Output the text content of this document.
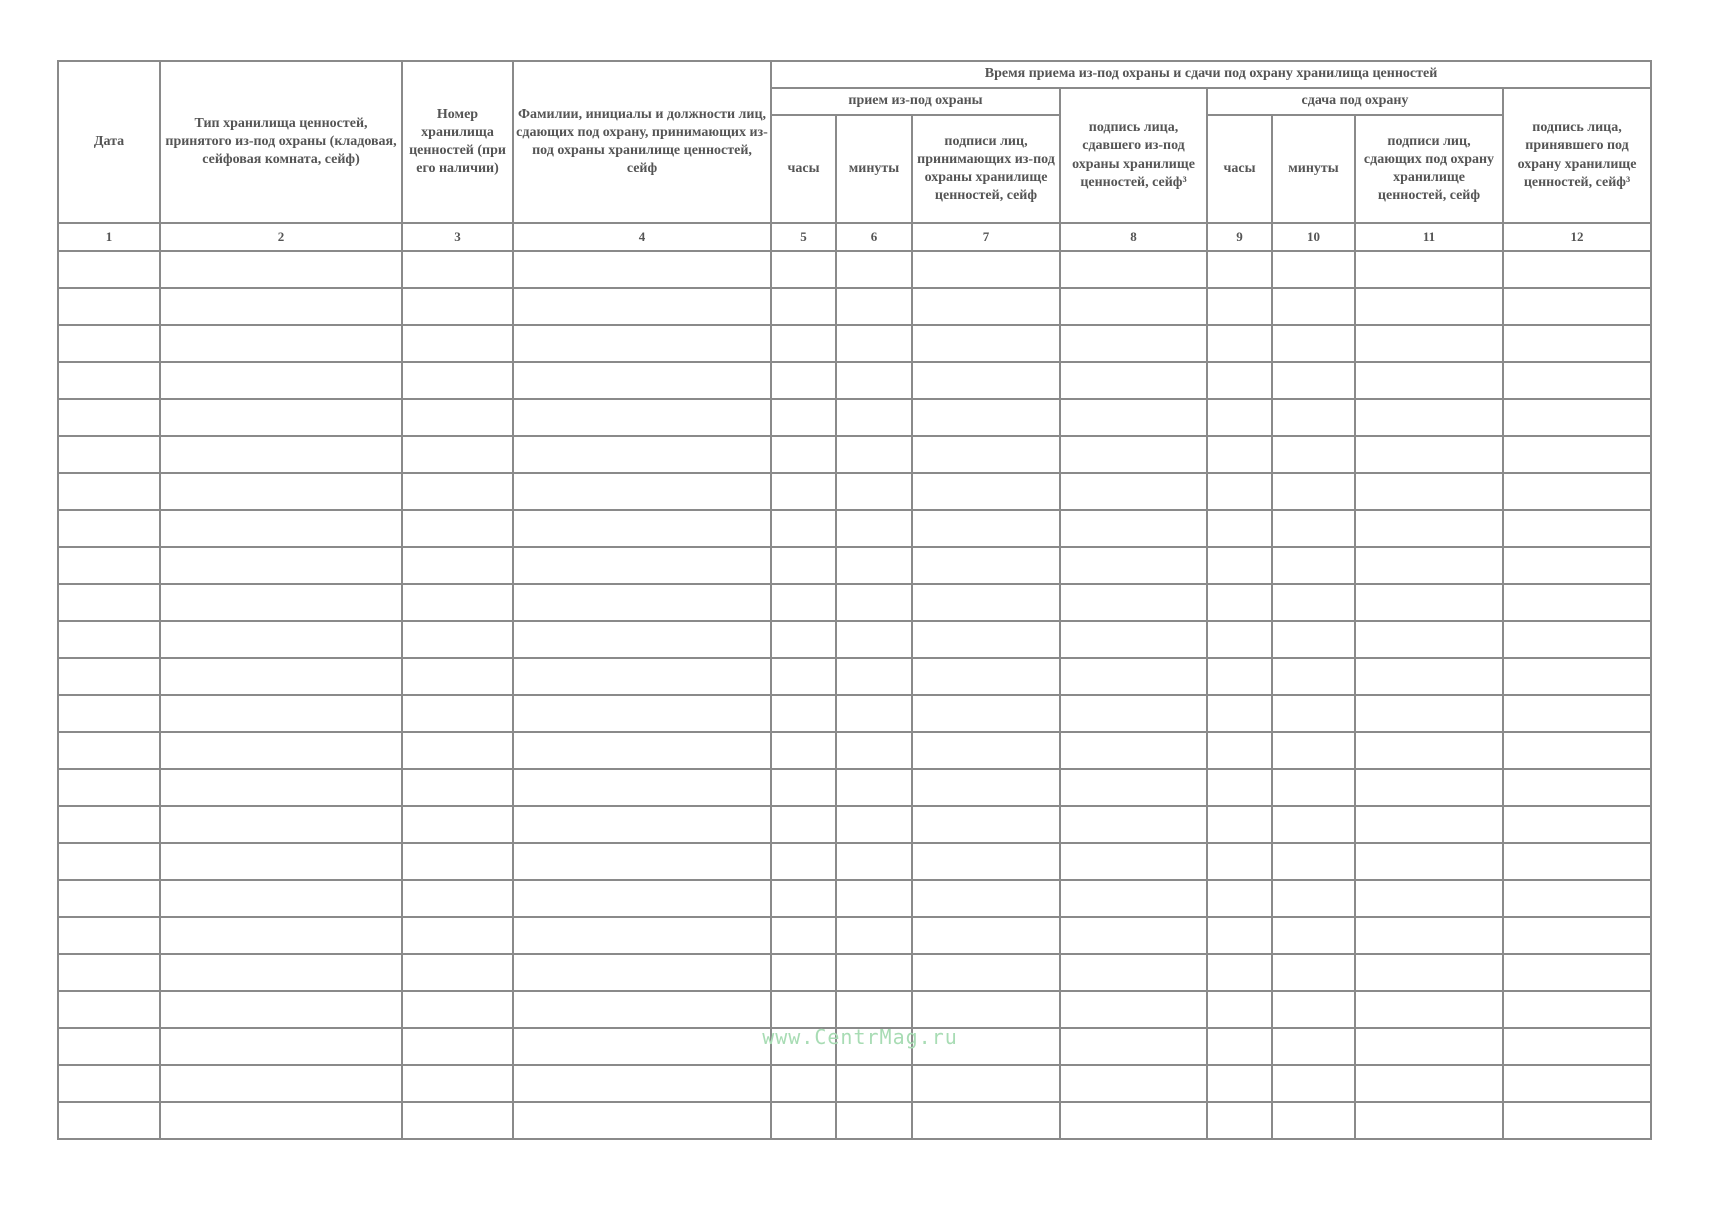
Дата	Тип хранилища ценностей, принятого из-под охраны (кладовая, сейфовая комната, сейф)	Номер хранилища ценностей (при его наличии)	Фамилии, инициалы и должности лиц, сдающих под охрану, принимающих из-под охраны хранилище ценностей, сейф	Время приема из-под охраны и сдачи под охрану хранилища ценностей							
				прием из-под охраны			подпись лица, сдавшего из-под охраны хранилище ценностей, сейф³	сдача под охрану			подпись лица, принявшего под охрану хранилище ценностей, сейф³
				часы	минуты	подписи лиц, принимающих из-под охраны хранилище ценностей, сейф		часы	минуты	подписи лиц, сдающих под охрану хранилище ценностей, сейф	
1	2	3	4	5	6	7	8	9	10	11	12

www.CentrMag.ru
